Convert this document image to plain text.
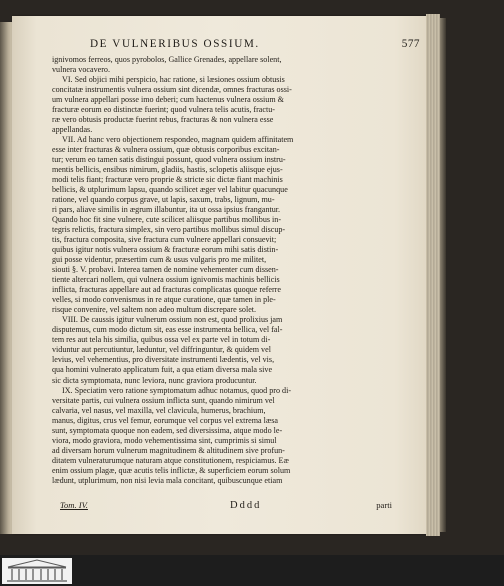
DE VULNERIBUS OSSIUM.	577
ignivomos ferreos, quos pyrobolos, Gallice Grenades, appellare solent,
vulnera vocavero.
VI. Sed objici mihi perspicio, hac ratione, si læsiones ossium obtusis
concitatæ instrumentis vulnera ossium sint dicendæ, omnes fracturas ossi-
um vulnera appellari posse imo deberi; cum hactenus vulnera ossium &
fracturæ eorum eo distinctæ fuerint; quod vulnera telis acutis, fractu-
ræ vero obtusis productæ fuerint rebus, fracturas & non vulnera esse
appellandas.
VII. Ad hanc vero objectionem respondeo, magnam quidem affinitatem
esse inter fracturas & vulnera ossium, quæ obtusis corporibus excitan-
tur; verum eo tamen satis distingui possunt, quod vulnera ossium instru-
mentis bellicis, ensibus nimirum, gladiis, hastis, sclopetis aliisque ejus-
modi telis fiant; fracturæ vero proprie & stricte sic dictæ fiant machinis
bellicis, & utplurimum lapsu, quando scilicet æger vel labitur quacunque
ratione, vel quando corpus grave, ut lapis, saxum, trabs, lignum, mu-
ri pars, aliave similis in ægrum illabuntur, ita ut ossa ipsius frangantur.
Quando hoc fit sine vulnere, cute scilicet aliisque partibus mollibus in-
tegris relictis, fractura simplex, sin vero partibus mollibus simul discup-
tis, fractura composita, sive fractura cum vulnere appellari consuevit;
quibus igitur notis vulnera ossium & fracturæ eorum mihi satis distin-
gui posse videntur, præsertim cum & usus vulgaris pro me militet,
siouti §. V. probavi. Interea tamen de nomine vehementer cum dissen-
tiente altercari nollem, qui vulnera ossium ignivomis machinis bellicis
inflicta, fracturas appellare aut ad fracturas complicatas quoque referre
velles, si modo convenismus in re atque curatione, quæ tamen in ple-
risque convenire, vel saltem non adeo multum discrepare solet.
VIII. De caussis igitur vulnerum ossium non est, quod prolixius jam
disputemus, cum modo dictum sit, eas esse instrumenta bellica, vel fal-
tem res aut tela his similia, quibus ossa vel ex parte vel in totum di-
viduntur aut percutiuntur, læduntur, vel diffringuntur, & quidem vel
levius, vel vehementius, pro diversitate instrumenti lædentis, vel vis,
qua homini vulnerato applicatum fuit, a qua etiam diversa mala sive
sic dicta symptomata, nunc leviora, nunc graviora producuntur.
IX. Speciatim vero ratione symptomatum adhuc notamus, quod pro di-
versitate partis, cui vulnera ossium inflicta sunt, quando nimirum vel
calvaria, vel nasus, vel maxilla, vel clavicula, humerus, brachium,
manus, digitus, crus vel femur, eorumque vel corpus vel extrema læsa
sunt, symptomata quoque non eadem, sed diversissima, atque modo le-
viora, modo graviora, modo vehementissima sint, cumprimis si simul
ad diversam horum vulnerum magnitudinem & altitudinem sive profun-
ditatem vulneraturumque naturam atque constitutionem, respiciamus. Eæ
enim ossium plagæ, quæ acutis telis inflictæ, & superficiem eorum solum
lædunt, utplurimum, non nisi levia mala concitant, quibuscunque etiam
Tom. IV.	Dddd	parti
